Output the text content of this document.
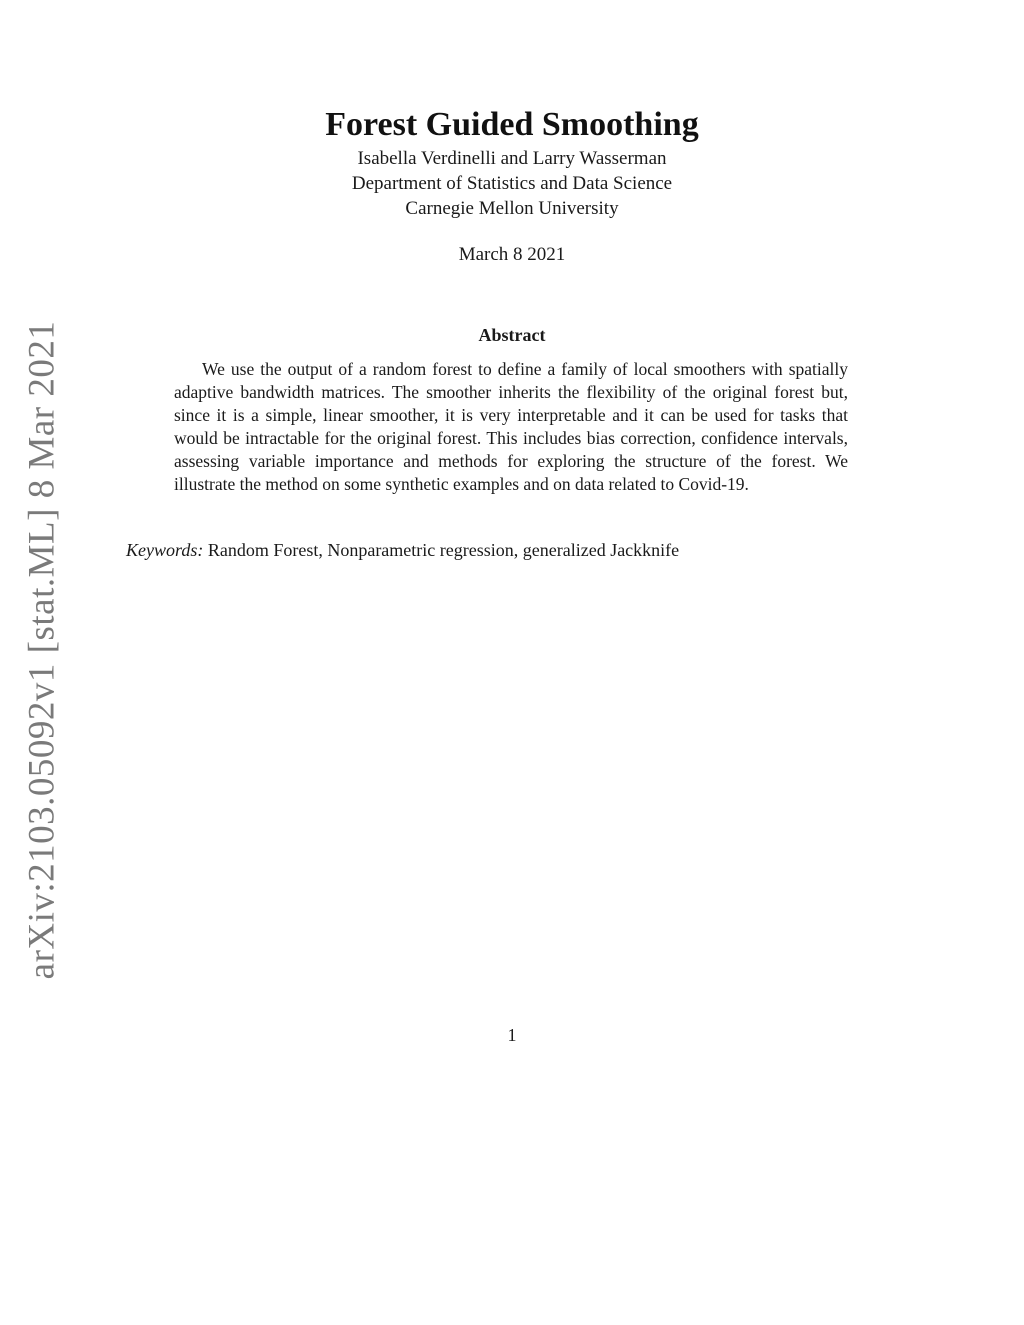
arXiv:2103.05092v1 [stat.ML] 8 Mar 2021
Forest Guided Smoothing

Isabella Verdinelli and Larry Wasserman

Department of Statistics and Data Science

Carnegie Mellon University

March 8 2021

Abstract
We use the output of a random forest to define a family of local smoothers with spatially adaptive bandwidth matrices. The smoother inherits the flexibility of the original forest but, since it is a simple, linear smoother, it is very interpretable and it can be used for tasks that would be intractable for the original forest. This includes bias correction, confidence intervals, assessing variable importance and methods for exploring the structure of the forest. We illustrate the method on some synthetic examples and on data related to Covid-19.
Keywords: Random Forest, Nonparametric regression, generalized Jackknife
1
